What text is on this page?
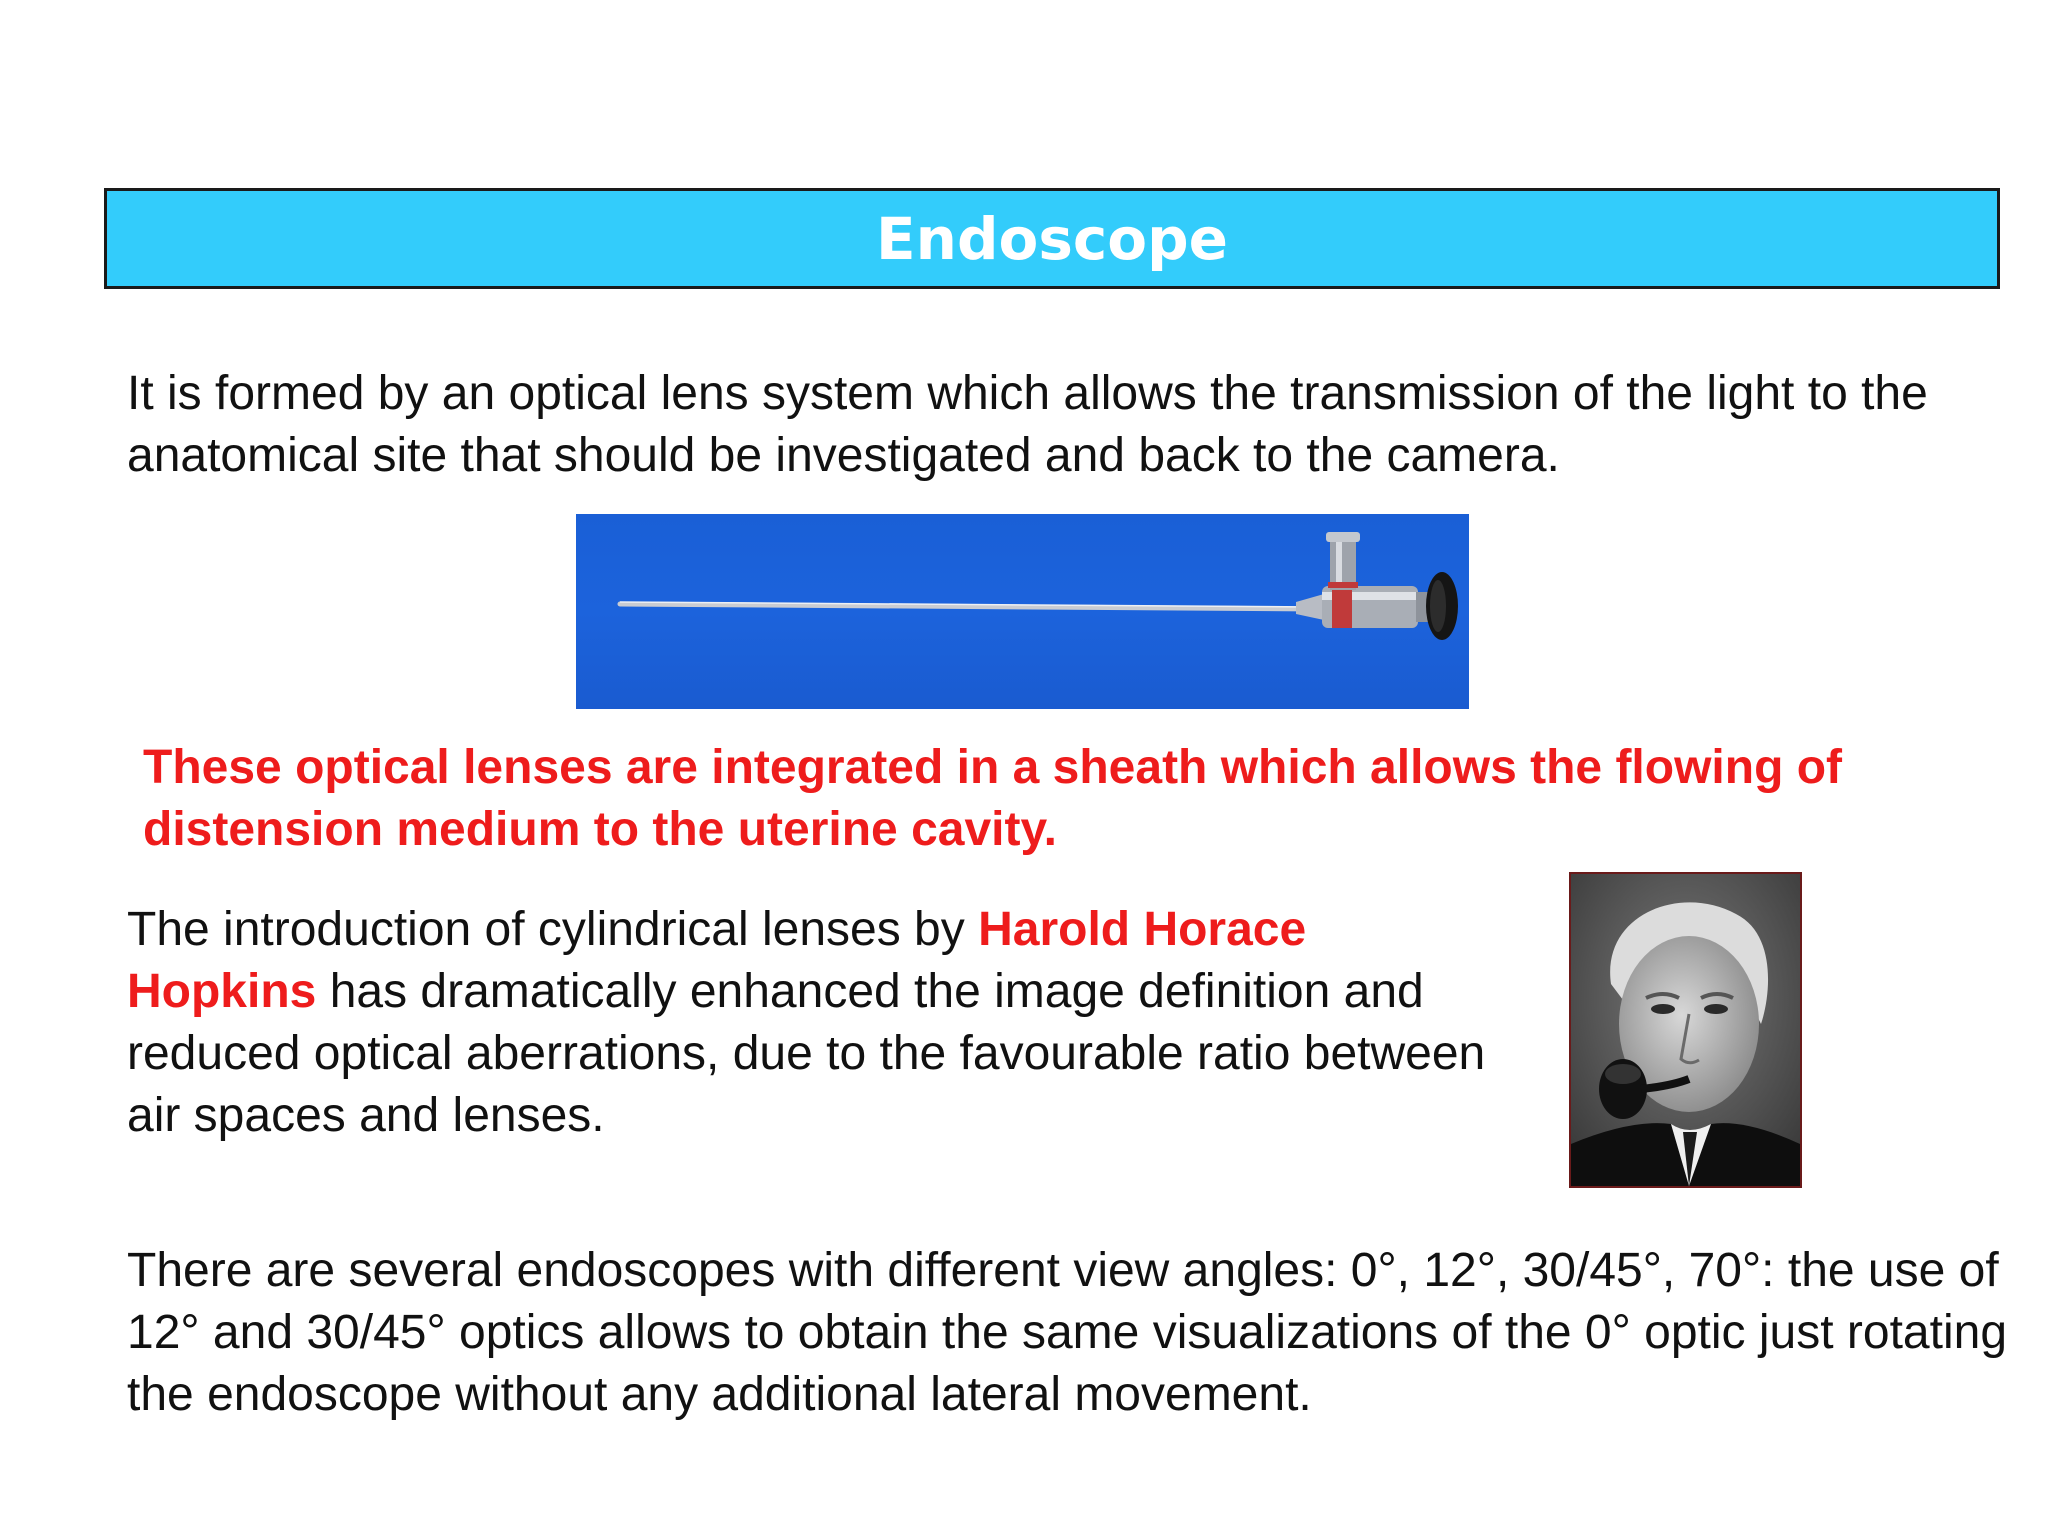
Endoscope

It is formed by an optical lens system which allows the transmission of the light to the anatomical site that should be investigated and back to the camera.

These optical lenses are integrated in a sheath which allows the flowing of distension medium to the uterine cavity.

The introduction of cylindrical lenses by Harold Horace
Hopkins has dramatically enhanced the image definition and reduced optical aberrations, due to the favourable ratio between air spaces and lenses.

There are several endoscopes with different view angles: 0°, 12°, 30/45°, 70°: the use of 12° and 30/45° optics allows to obtain the same visualizations of the 0° optic just rotating the endoscope without any additional lateral movement.
